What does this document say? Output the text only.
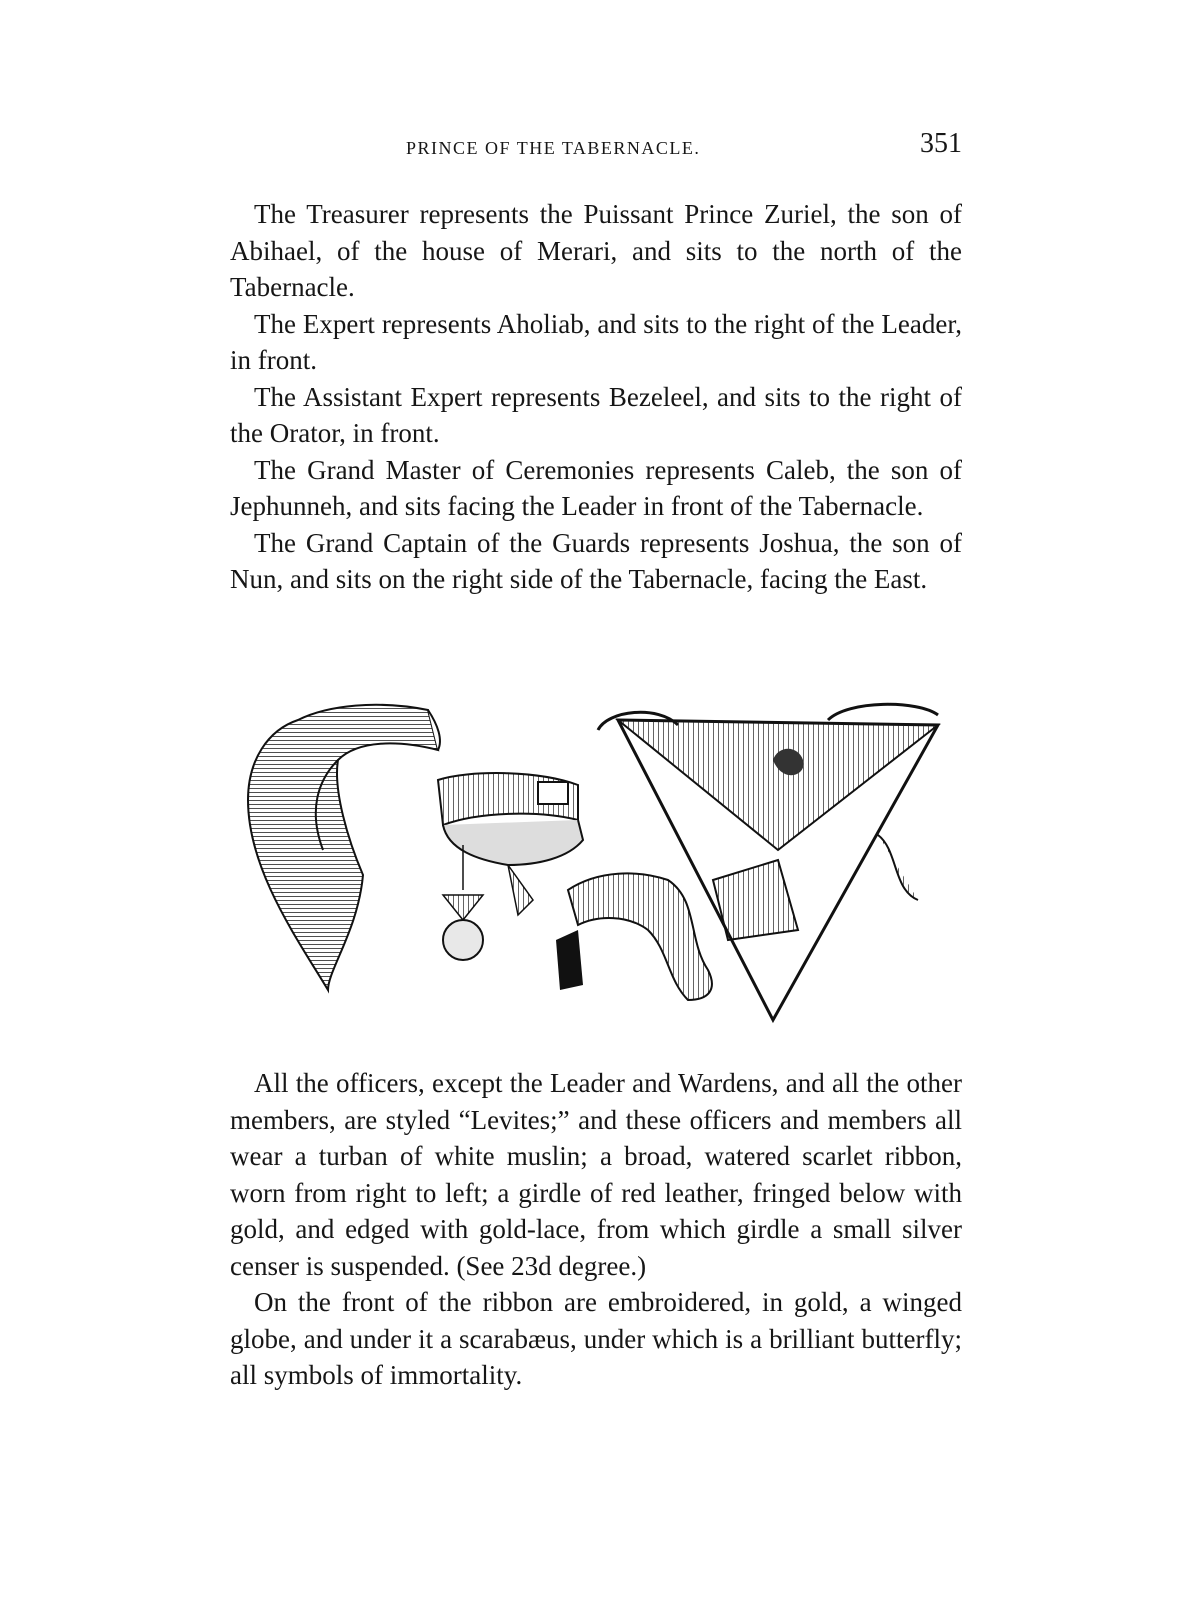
PRINCE OF THE TABERNACLE.	351

The Treasurer represents the Puissant Prince Zuriel, the son of Abihael, of the house of Merari, and sits to the north of the Tabernacle.

The Expert represents Aholiab, and sits to the right of the Leader, in front.

The Assistant Expert represents Bezeleel, and sits to the right of the Orator, in front.

The Grand Master of Ceremonies represents Caleb, the son of Jephunneh, and sits facing the Leader in front of the Tabernacle.

The Grand Captain of the Guards represents Joshua, the son of Nun, and sits on the right side of the Tabernacle, facing the East.

All the officers, except the Leader and Wardens, and all the other members, are styled “Levites;” and these officers and members all wear a turban of white muslin; a broad, watered scarlet ribbon, worn from right to left; a girdle of red leather, fringed below with gold, and edged with gold-lace, from which girdle a small silver censer is suspended. (See 23d degree.)

On the front of the ribbon are embroidered, in gold, a winged globe, and under it a scarabæus, under which is a brilliant butterfly; all symbols of immortality.
